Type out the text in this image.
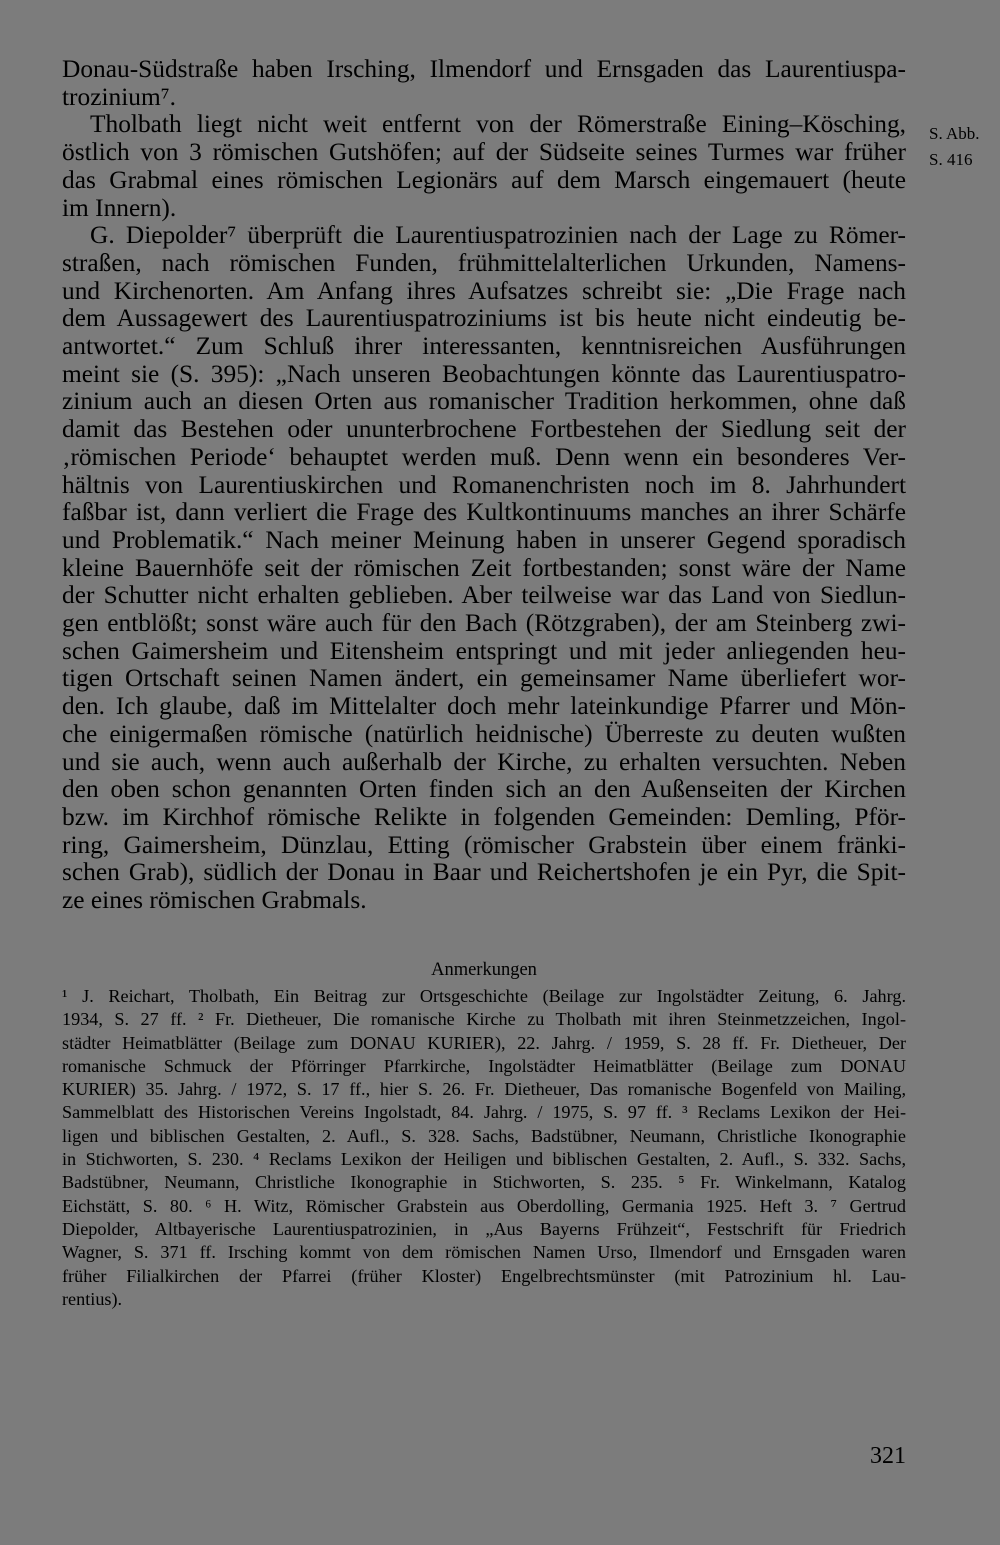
Donau-Südstraße haben Irsching, Ilmendorf und Ernsgaden das Laurentiuspa-
trozinium⁷.
Tholbath liegt nicht weit entfernt von der Römerstraße Eining–Kösching,
östlich von 3 römischen Gutshöfen; auf der Südseite seines Turmes war früher
das Grabmal eines römischen Legionärs auf dem Marsch eingemauert (heute
im Innern).
G. Diepolder⁷ überprüft die Laurentiuspatrozinien nach der Lage zu Römer-
straßen, nach römischen Funden, frühmittelalterlichen Urkunden, Namens-
und Kirchenorten. Am Anfang ihres Aufsatzes schreibt sie: „Die Frage nach
dem Aussagewert des Laurentiuspatroziniums ist bis heute nicht eindeutig be-
antwortet.“ Zum Schluß ihrer interessanten, kenntnisreichen Ausführungen
meint sie (S. 395): „Nach unseren Beobachtungen könnte das Laurentiuspatro-
zinium auch an diesen Orten aus romanischer Tradition herkommen, ohne daß
damit das Bestehen oder ununterbrochene Fortbestehen der Siedlung seit der
‚römischen Periode‘ behauptet werden muß. Denn wenn ein besonderes Ver-
hältnis von Laurentiuskirchen und Romanenchristen noch im 8. Jahrhundert
faßbar ist, dann verliert die Frage des Kultkontinuums manches an ihrer Schärfe
und Problematik.“ Nach meiner Meinung haben in unserer Gegend sporadisch
kleine Bauernhöfe seit der römischen Zeit fortbestanden; sonst wäre der Name
der Schutter nicht erhalten geblieben. Aber teilweise war das Land von Siedlun-
gen entblößt; sonst wäre auch für den Bach (Rötzgraben), der am Steinberg zwi-
schen Gaimersheim und Eitensheim entspringt und mit jeder anliegenden heu-
tigen Ortschaft seinen Namen ändert, ein gemeinsamer Name überliefert wor-
den. Ich glaube, daß im Mittelalter doch mehr lateinkundige Pfarrer und Mön-
che einigermaßen römische (natürlich heidnische) Überreste zu deuten wußten
und sie auch, wenn auch außerhalb der Kirche, zu erhalten versuchten. Neben
den oben schon genannten Orten finden sich an den Außenseiten der Kirchen
bzw. im Kirchhof römische Relikte in folgenden Gemeinden: Demling, Pför-
ring, Gaimersheim, Dünzlau, Etting (römischer Grabstein über einem fränki-
schen Grab), südlich der Donau in Baar und Reichertshofen je ein Pyr, die Spit-
ze eines römischen Grabmals.
S. Abb.
S. 416
Anmerkungen
¹ J. Reichart, Tholbath, Ein Beitrag zur Ortsgeschichte (Beilage zur Ingolstädter Zeitung, 6. Jahrg.
1934, S. 27 ff. ² Fr. Dietheuer, Die romanische Kirche zu Tholbath mit ihren Steinmetzzeichen, Ingol-
städter Heimatblätter (Beilage zum DONAU KURIER), 22. Jahrg. / 1959, S. 28 ff. Fr. Dietheuer, Der
romanische Schmuck der Pförringer Pfarrkirche, Ingolstädter Heimatblätter (Beilage zum DONAU
KURIER) 35. Jahrg. / 1972, S. 17 ff., hier S. 26. Fr. Dietheuer, Das romanische Bogenfeld von Mailing,
Sammelblatt des Historischen Vereins Ingolstadt, 84. Jahrg. / 1975, S. 97 ff. ³ Reclams Lexikon der Hei-
ligen und biblischen Gestalten, 2. Aufl., S. 328. Sachs, Badstübner, Neumann, Christliche Ikonographie
in Stichworten, S. 230. ⁴ Reclams Lexikon der Heiligen und biblischen Gestalten, 2. Aufl., S. 332. Sachs,
Badstübner, Neumann, Christliche Ikonographie in Stichworten, S. 235. ⁵ Fr. Winkelmann, Katalog
Eichstätt, S. 80. ⁶ H. Witz, Römischer Grabstein aus Oberdolling, Germania 1925. Heft 3. ⁷ Gertrud
Diepolder, Altbayerische Laurentiuspatrozinien, in „Aus Bayerns Frühzeit“, Festschrift für Friedrich
Wagner, S. 371 ff. Irsching kommt von dem römischen Namen Urso, Ilmendorf und Ernsgaden waren
früher Filialkirchen der Pfarrei (früher Kloster) Engelbrechtsmünster (mit Patrozinium hl. Lau-
rentius).
321
